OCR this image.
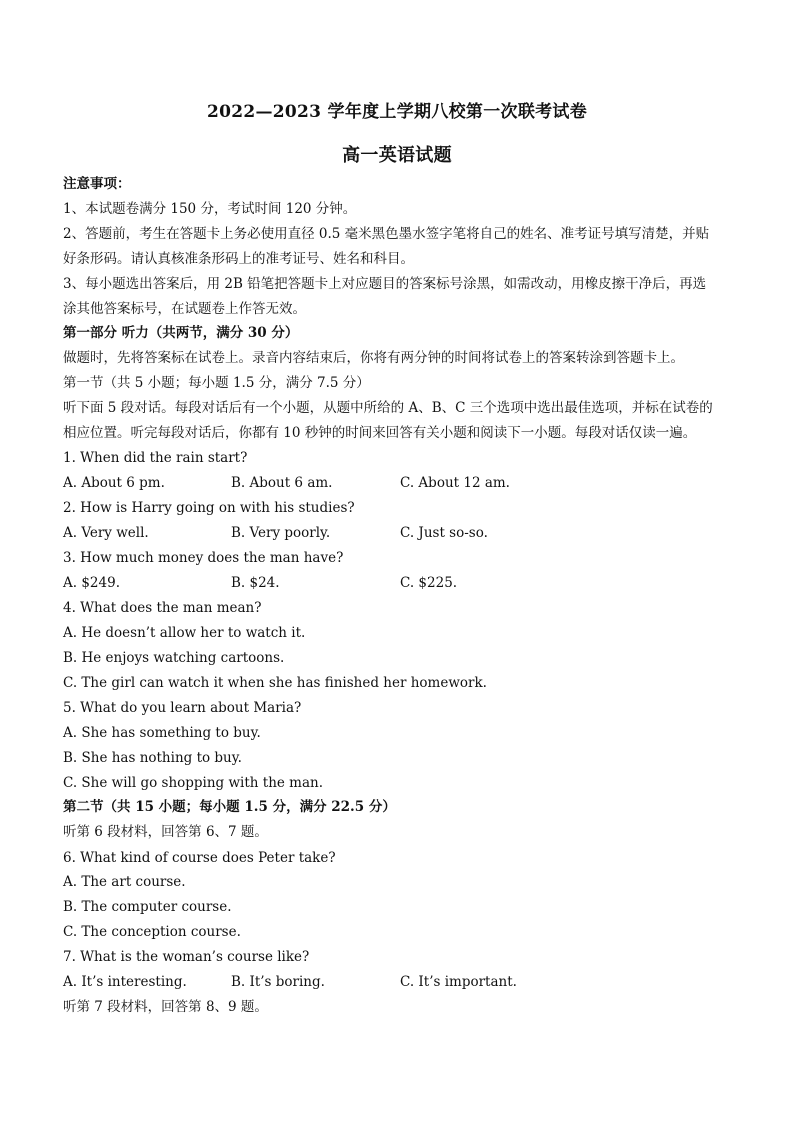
2022—2023 学年度上学期八校第一次联考试卷
高一英语试题
注意事项：
1、本试题卷满分 150 分，考试时间 120 分钟。
2、答题前，考生在答题卡上务必使用直径 0.5 毫米黑色墨水签字笔将自己的姓名、准考证号填写清楚，并贴
好条形码。请认真核准条形码上的准考证号、姓名和科目。
3、每小题选出答案后，用 2B 铅笔把答题卡上对应题目的答案标号涂黑，如需改动，用橡皮擦干净后，再选
涂其他答案标号，在试题卷上作答无效。
第一部分 听力（共两节，满分 30 分）
做题时，先将答案标在试卷上。录音内容结束后，你将有两分钟的时间将试卷上的答案转涂到答题卡上。
第一节（共 5 小题；每小题 1.5 分，满分 7.5 分）
听下面 5 段对话。每段对话后有一个小题，从题中所给的 A、B、C 三个选项中选出最佳选项，并标在试卷的
相应位置。听完每段对话后，你都有 10 秒钟的时间来回答有关小题和阅读下一小题。每段对话仅读一遍。
1. When did the rain start?
A. About 6 pm.	B. About 6 am.	C. About 12 am.
2. How is Harry going on with his studies?
A. Very well.	B. Very poorly.	C. Just so-so.
3. How much money does the man have?
A. $249.	B. $24.	C. $225.
4. What does the man mean?
A. He doesn’t allow her to watch it.
B. He enjoys watching cartoons.
C. The girl can watch it when she has finished her homework.
5. What do you learn about Maria?
A. She has something to buy.
B. She has nothing to buy.
C. She will go shopping with the man.
第二节（共 15 小题；每小题 1.5 分，满分 22.5 分）
听第 6 段材料，回答第 6、7 题。
6. What kind of course does Peter take?
A. The art course.
B. The computer course.
C. The conception course.
7. What is the woman’s course like?
A. It’s interesting.	B. It’s boring.	C. It’s important.
听第 7 段材料，回答第 8、9 题。
